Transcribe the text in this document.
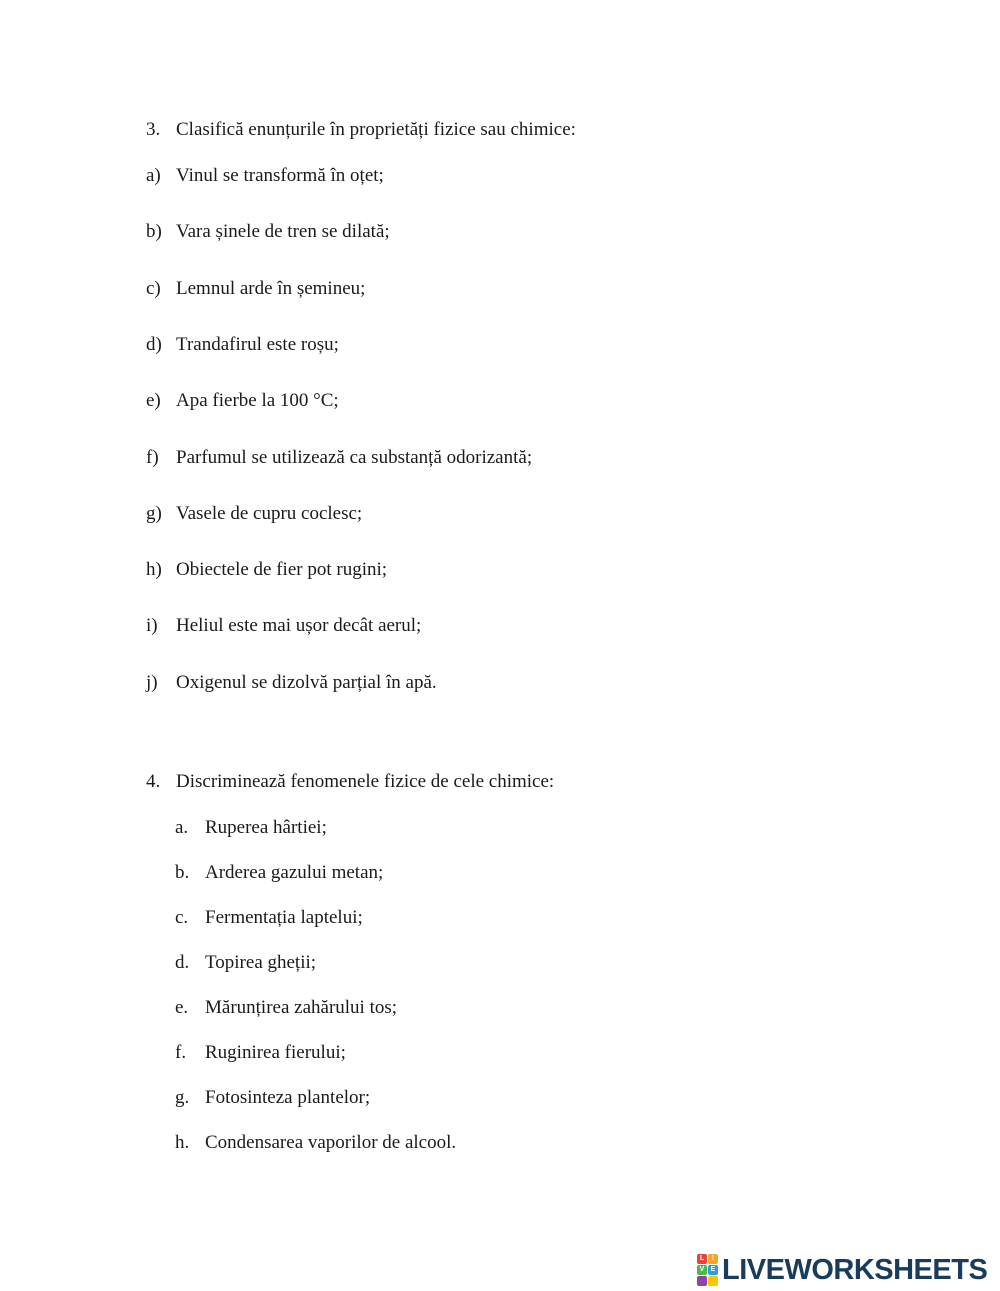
3. Clasifică enunțurile în proprietăți fizice sau chimice:
a) Vinul se transformă în oțet;
b) Vara șinele de tren se dilată;
c) Lemnul arde în șemineu;
d) Trandafirul este roșu;
e) Apa fierbe la 100 °C;
f) Parfumul se utilizează ca substanță odorizantă;
g) Vasele de cupru coclesc;
h) Obiectele de fier pot rugini;
i) Heliul este mai ușor decât aerul;
j) Oxigenul se dizolvă parțial în apă.
4. Discriminează fenomenele fizice de cele chimice:
a. Ruperea hârtiei;
b. Arderea gazului metan;
c. Fermentația laptelui;
d. Topirea gheții;
e. Mărunțirea zahărului tos;
f. Ruginirea fierului;
g. Fotosinteza plantelor;
h. Condensarea vaporilor de alcool.
L	I
V E LIVEWORKSHEETS
